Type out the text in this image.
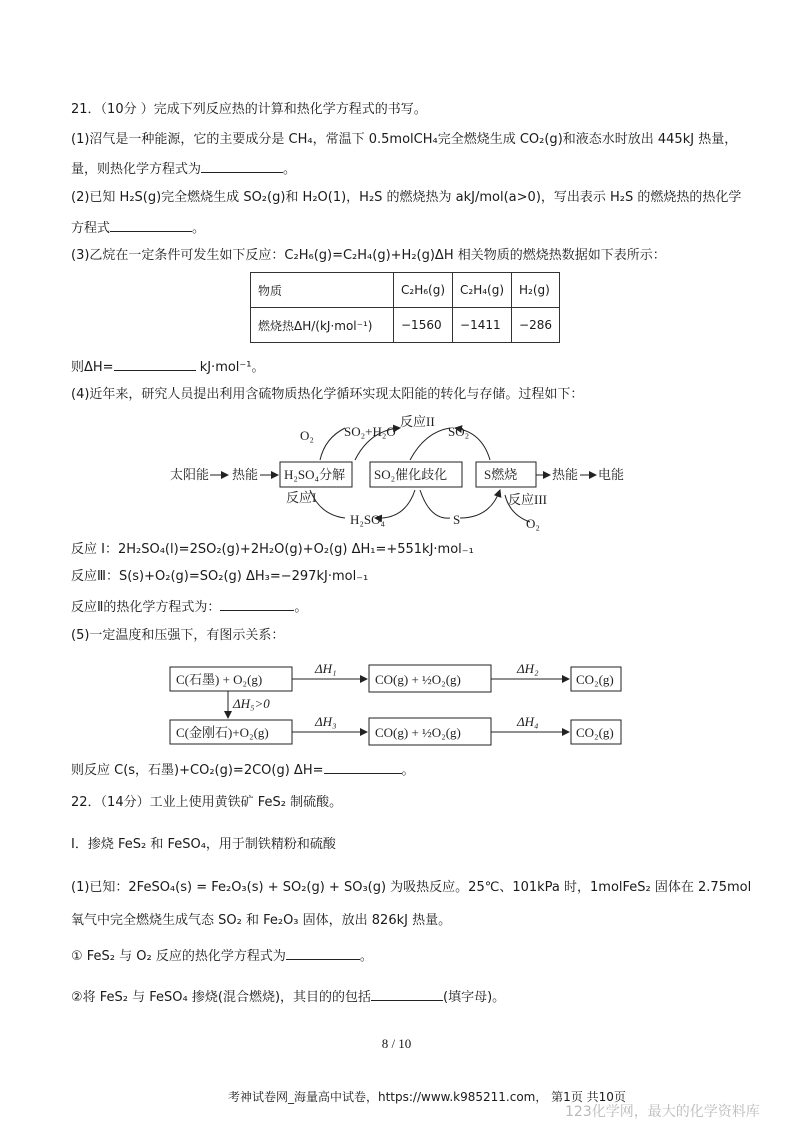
21．（10分 ）完成下列反应热的计算和热化学方程式的书写。
(1)沼气是一种能源，它的主要成分是 CH₄，常温下 0.5molCH₄完全燃烧生成 CO₂(g)和液态水时放出 445kJ 热量，
量，则热化学方程式为	。
(2)已知 H₂S(g)完全燃烧生成 SO₂(g)和 H₂O(1)，H₂S 的燃烧热为 akJ/mol(a>0)，写出表示 H₂S 的燃烧热的热化学
方程式	。
(3)乙烷在一定条件可发生如下反应：C₂H₆(g)=C₂H₄(g)+H₂(g)ΔH 相关物质的燃烧热数据如下表所示：
物质	C₂H₆(g)	C₂H₄(g)	H₂(g)
燃烧热ΔH/(kJ·mol⁻¹)	−1560	−1411	−286
则ΔH=	kJ·mol⁻¹。
(4)近年来，研究人员提出利用含硫物质热化学循环实现太阳能的转化与存储。过程如下：
太阳能 热能 H₂SO₄分解 SO₂催化歧化	S燃烧	热能 电能
O₂ SO₂+H₂O
反应II
SO₂
反应I
H₂SO₄	S
反应III
O₂
反应 I：2H₂SO₄(l)=2SO₂(g)+2H₂O(g)+O₂(g) ΔH₁=+551kJ·mol₋₁
反应Ⅲ：S(s)+O₂(g)=SO₂(g) ΔH₃=−297kJ·mol₋₁
反应Ⅱ的热化学方程式为：	。
(5)一定温度和压强下，有图示关系：
C(石墨) + O₂(g)
ΔH₁
CO(g) + ½O₂(g)
ΔH₂
CO₂(g)
ΔH₅>0
C(金刚石)+O₂(g)
ΔH₃
CO(g) + ½O₂(g)
ΔH₄
CO₂(g)
则反应 C(s，石墨)+CO₂(g)=2CO(g) ΔH=	。
22．（14分）工业上使用黄铁矿 FeS₂ 制硫酸。
Ⅰ．掺烧 FeS₂ 和 FeSO₄，用于制铁精粉和硫酸
(1)已知：2FeSO₄(s) = Fe₂O₃(s) + SO₂(g) + SO₃(g) 为吸热反应。25℃、101kPa 时，1molFeS₂ 固体在 2.75mol
氧气中完全燃烧生成气态 SO₂ 和 Fe₂O₃ 固体，放出 826kJ 热量。
① FeS₂ 与 O₂ 反应的热化学方程式为	。
②将 FeS₂ 与 FeSO₄ 掺烧(混合燃烧)，其目的的包括	(填字母)。
8 / 10
考神试卷网_海量高中试卷，https://www.k985211.com， 第1页 共10页
123化学网，最大的化学资料库
